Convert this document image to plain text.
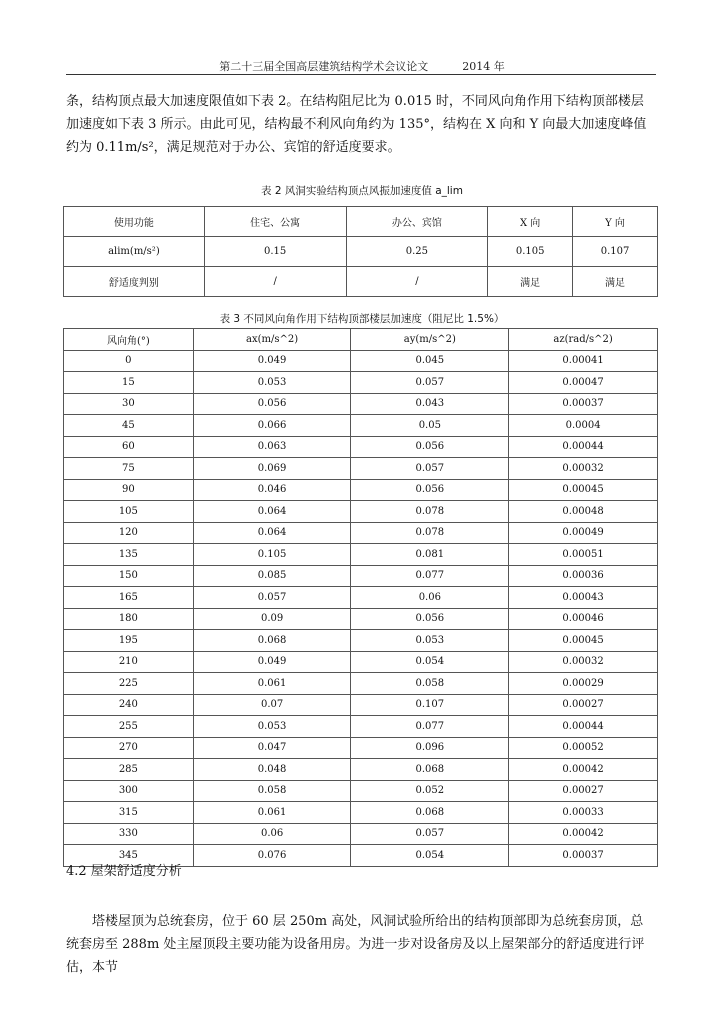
第二十三届全国高层建筑结构学术会议论文	2014 年
条，结构顶点最大加速度限值如下表 2。在结构阻尼比为 0.015 时，不同风向角作用下结构顶部楼层加速度如下表 3 所示。由此可见，结构最不利风向角约为 135°，结构在 X 向和 Y 向最大加速度峰值约为 0.11m/s²，满足规范对于办公、宾馆的舒适度要求。
表 2 风洞实验结构顶点风振加速度值 a_lim
使用功能	住宅、公寓	办公、宾馆	X 向	Y 向
alim(m/s²)	0.15	0.25	0.105	0.107
舒适度判别	/	/	满足	满足
表 3 不同风向角作用下结构顶部楼层加速度（阻尼比 1.5%）
风向角(°)	ax(m/s^2)	ay(m/s^2)	az(rad/s^2)
0	0.049	0.045	0.00041
15	0.053	0.057	0.00047
30	0.056	0.043	0.00037
45	0.066	0.05	0.0004
60	0.063	0.056	0.00044
75	0.069	0.057	0.00032
90	0.046	0.056	0.00045
105	0.064	0.078	0.00048
120	0.064	0.078	0.00049
135	0.105	0.081	0.00051
150	0.085	0.077	0.00036
165	0.057	0.06	0.00043
180	0.09	0.056	0.00046
195	0.068	0.053	0.00045
210	0.049	0.054	0.00032
225	0.061	0.058	0.00029
240	0.07	0.107	0.00027
255	0.053	0.077	0.00044
270	0.047	0.096	0.00052
285	0.048	0.068	0.00042
300	0.058	0.052	0.00027
315	0.061	0.068	0.00033
330	0.06	0.057	0.00042
345	0.076	0.054	0.00037
4.2 屋架舒适度分析
塔楼屋顶为总统套房，位于 60 层 250m 高处，风洞试验所给出的结构顶部即为总统套房顶，总统套房至 288m 处主屋顶段主要功能为设备用房。为进一步对设备房及以上屋架部分的舒适度进行评估，本节
